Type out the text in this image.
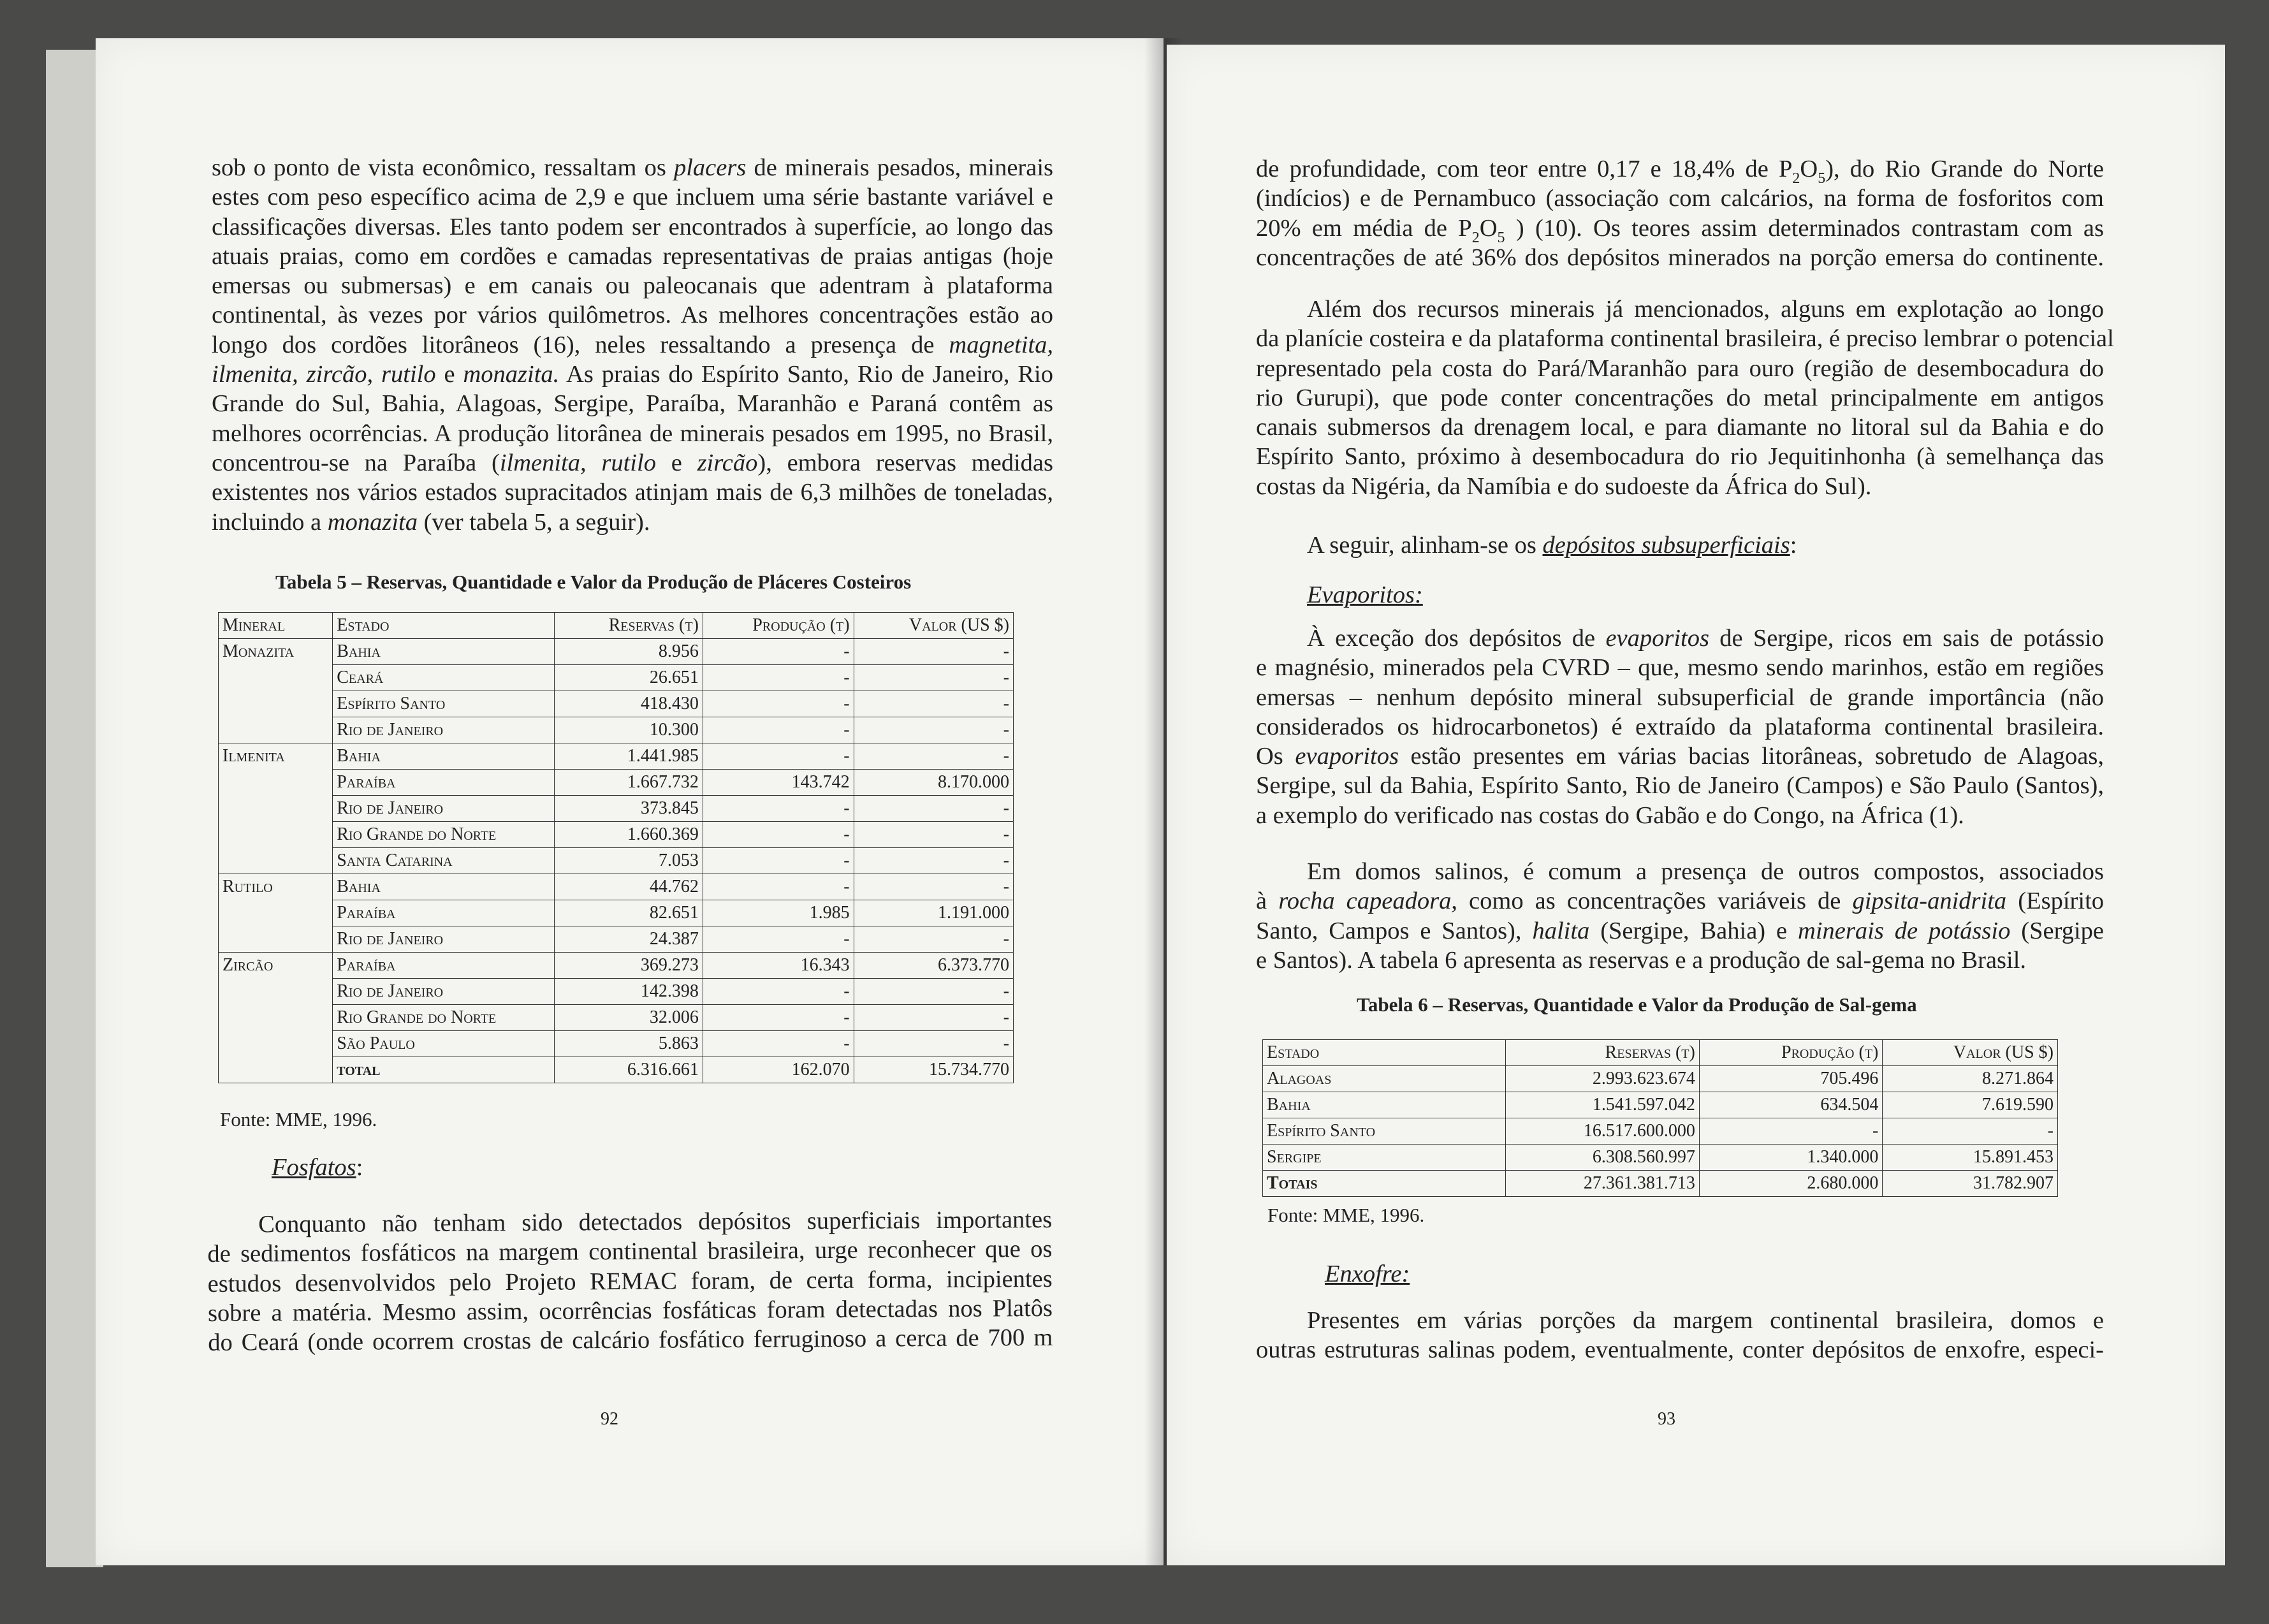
sob o ponto de vista econômico, ressaltam os placers de minerais pesados, minerais
estes com peso específico acima de 2,9 e que incluem uma série bastante variável e
classificações diversas. Eles tanto podem ser encontrados à superfície, ao longo das
atuais praias, como em cordões e camadas representativas de praias antigas (hoje
emersas ou submersas) e em canais ou paleocanais que adentram à plataforma
continental, às vezes por vários quilômetros. As melhores concentrações estão ao
longo dos cordões litorâneos (16), neles ressaltando a presença de magnetita,
ilmenita, zircão, rutilo e monazita. As praias do Espírito Santo, Rio de Janeiro, Rio
Grande do Sul, Bahia, Alagoas, Sergipe, Paraíba, Maranhão e Paraná contêm as
melhores ocorrências. A produção litorânea de minerais pesados em 1995, no Brasil,
concentrou-se na Paraíba (ilmenita, rutilo e zircão), embora reservas medidas
existentes nos vários estados supracitados atinjam mais de 6,3 milhões de toneladas,
incluindo a monazita (ver tabela 5, a seguir).
Tabela 5 – Reservas, Quantidade e Valor da Produção de Pláceres Costeiros
Mineral	Estado	Reservas (t)	Produção (t)	Valor (US $)
Monazita	Bahia	8.956	-	-
	Ceará	26.651	-	-
	Espírito Santo	418.430	-	-
	Rio de Janeiro	10.300	-	-
Ilmenita	Bahia	1.441.985	-	-
	Paraíba	1.667.732	143.742	8.170.000
	Rio de Janeiro	373.845	-	-
	Rio Grande do Norte	1.660.369	-	-
	Santa Catarina	7.053	-	-
Rutilo	Bahia	44.762	-	-
	Paraíba	82.651	1.985	1.191.000
	Rio de Janeiro	24.387	-	-
Zircão	Paraíba	369.273	16.343	6.373.770
	Rio de Janeiro	142.398	-	-
	Rio Grande do Norte	32.006	-	-
	São Paulo	5.863	-	-
	total	6.316.661	162.070	15.734.770
Fonte: MME, 1996.
Fosfatos:
Conquanto não tenham sido detectados depósitos superficiais importantes
de sedimentos fosfáticos na margem continental brasileira, urge reconhecer que os
estudos desenvolvidos pelo Projeto REMAC foram, de certa forma, incipientes
sobre a matéria. Mesmo assim, ocorrências fosfáticas foram detectadas nos Platôs
do Ceará (onde ocorrem crostas de calcário fosfático ferruginoso a cerca de 700 m
92
de profundidade, com teor entre 0,17 e 18,4% de $P_2O_5$), do Rio Grande do Norte
(indícios) e de Pernambuco (associação com calcários, na forma de fosforitos com
20% em média de $P_2O_5$ ) (10). Os teores assim determinados contrastam com as
concentrações de até 36% dos depósitos minerados na porção emersa do continente.
Além dos recursos minerais já mencionados, alguns em explotação ao longo
da planície costeira e da plataforma continental brasileira, é preciso lembrar o potencial
representado pela costa do Pará/Maranhão para ouro (região de desembocadura do
rio Gurupi), que pode conter concentrações do metal principalmente em antigos
canais submersos da drenagem local, e para diamante no litoral sul da Bahia e do
Espírito Santo, próximo à desembocadura do rio Jequitinhonha (à semelhança das
costas da Nigéria, da Namíbia e do sudoeste da África do Sul).
A seguir, alinham-se os depósitos subsuperficiais:
Evaporitos:
À exceção dos depósitos de evaporitos de Sergipe, ricos em sais de potássio
e magnésio, minerados pela CVRD – que, mesmo sendo marinhos, estão em regiões
emersas – nenhum depósito mineral subsuperficial de grande importância (não
considerados os hidrocarbonetos) é extraído da plataforma continental brasileira.
Os evaporitos estão presentes em várias bacias litorâneas, sobretudo de Alagoas,
Sergipe, sul da Bahia, Espírito Santo, Rio de Janeiro (Campos) e São Paulo (Santos),
a exemplo do verificado nas costas do Gabão e do Congo, na África (1).
Em domos salinos, é comum a presença de outros compostos, associados
à rocha capeadora, como as concentrações variáveis de gipsita-anidrita (Espírito
Santo, Campos e Santos), halita (Sergipe, Bahia) e minerais de potássio (Sergipe
e Santos). A tabela 6 apresenta as reservas e a produção de sal-gema no Brasil.
Tabela 6 – Reservas, Quantidade e Valor da Produção de Sal-gema
Estado	Reservas (t)	Produção (t)	Valor (US $)
Alagoas	2.993.623.674	705.496	8.271.864
Bahia	1.541.597.042	634.504	7.619.590
Espírito Santo	16.517.600.000	-	-
Sergipe	6.308.560.997	1.340.000	15.891.453
Totais	27.361.381.713	2.680.000	31.782.907
Fonte: MME, 1996.
Enxofre:
Presentes em várias porções da margem continental brasileira, domos e
outras estruturas salinas podem, eventualmente, conter depósitos de enxofre, especi-
93
